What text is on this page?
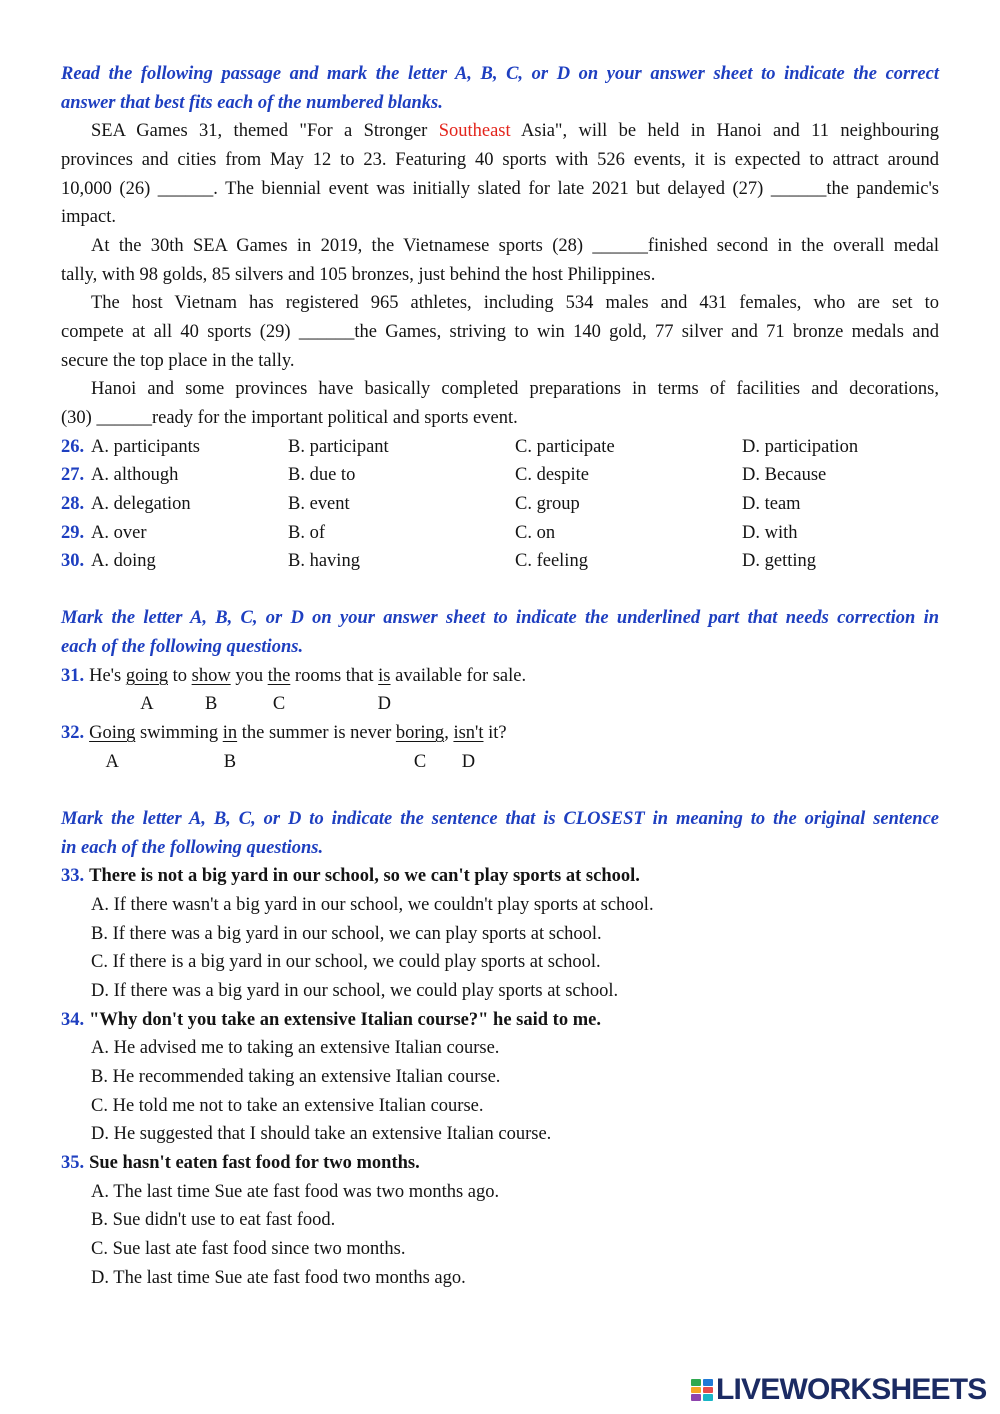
Read the following passage and mark the letter A, B, C, or D on your answer sheet to indicate the correct
answer that best fits each of the numbered blanks.
SEA Games 31, themed "For a Stronger Southeast Asia", will be held in Hanoi and 11 neighbouring
provinces and cities from May 12 to 23. Featuring 40 sports with 526 events, it is expected to attract around
10,000 (26) ______. The biennial event was initially slated for late 2021 but delayed (27) ______the pandemic's
impact.
At the 30th SEA Games in 2019, the Vietnamese sports (28) ______finished second in the overall medal
tally, with 98 golds, 85 silvers and 105 bronzes, just behind the host Philippines.
The host Vietnam has registered 965 athletes, including 534 males and 431 females, who are set to
compete at all 40 sports (29) ______the Games, striving to win 140 gold, 77 silver and 71 bronze medals and
secure the top place in the tally.
Hanoi and some provinces have basically completed preparations in terms of facilities and decorations,
(30) ______ready for the important political and sports event.
26. A. participants	B. participant	C. participate	D. participation
27. A. although	B. due to	C. despite	D. Because
28. A. delegation	B. event	C. group	D. team
29. A. over	B. of	C. on	D. with
30. A. doing	B. having	C. feeling	D. getting
Mark the letter A, B, C, or D on your answer sheet to indicate the underlined part that needs correction in
each of the following questions.
31. He's going
A
to show
B
you the
C
rooms that $\frac{is}{D}$ available for sale.
32. Going
A
swimming $\frac{in}{B}$ the summer is never boring
C
, isn't
D
it?
Mark the letter A, B, C, or D to indicate the sentence that is CLOSEST in meaning to the original sentence
in each of the following questions.
33. There is not a big yard in our school, so we can't play sports at school.
A. If there wasn't a big yard in our school, we couldn't play sports at school.
B. If there was a big yard in our school, we can play sports at school.
C. If there is a big yard in our school, we could play sports at school.
D. If there was a big yard in our school, we could play sports at school.
34. "Why don't you take an extensive Italian course?" he said to me.
A. He advised me to taking an extensive Italian course.
B. He recommended taking an extensive Italian course.
C. He told me not to take an extensive Italian course.
D. He suggested that I should take an extensive Italian course.
35. Sue hasn't eaten fast food for two months.
A. The last time Sue ate fast food was two months ago.
B. Sue didn't use to eat fast food.
C. Sue last ate fast food since two months.
D. The last time Sue ate fast food two months ago.
LIVEWORKSHEETS
